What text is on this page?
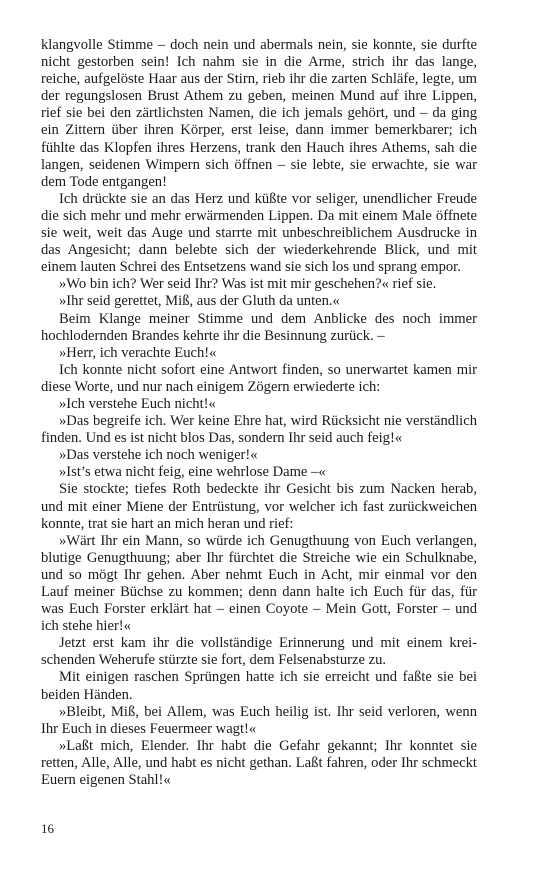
klangvolle Stimme – doch nein und abermals nein, sie konnte, sie durfte nicht gestorben sein! Ich nahm sie in die Arme, strich ihr das lange, reiche, aufgelöste Haar aus der Stirn, rieb ihr die zarten Schläfe, legte, um der regungslosen Brust Athem zu geben, meinen Mund auf ihre Lippen, rief sie bei den zärtlichsten Namen, die ich jemals gehört, und – da ging ein Zittern über ihren Körper, erst leise, dann immer bemerkbarer; ich fühlte das Klopfen ihres Herzens, trank den Hauch ihres Athems, sah die langen, seidenen Wimpern sich öffnen – sie lebte, sie erwachte, sie war dem Tode entgangen!

Ich drückte sie an das Herz und küßte vor seliger, unendlicher Freude die sich mehr und mehr erwärmenden Lippen. Da mit einem Male öffnete sie weit, weit das Auge und starrte mit unbeschreiblichem Ausdrucke in das Angesicht; dann belebte sich der wiederkehrende Blick, und mit einem lauten Schrei des Entsetzens wand sie sich los und sprang empor.

»Wo bin ich? Wer seid Ihr? Was ist mit mir geschehen?« rief sie.

»Ihr seid gerettet, Miß, aus der Gluth da unten.«

Beim Klange meiner Stimme und dem Anblicke des noch immer hochlodernden Brandes kehrte ihr die Besinnung zurück. –

»Herr, ich verachte Euch!«

Ich konnte nicht sofort eine Antwort finden, so unerwartet kamen mir diese Worte, und nur nach einigem Zögern erwiederte ich:

»Ich verstehe Euch nicht!«

»Das begreife ich. Wer keine Ehre hat, wird Rücksicht nie verständlich finden. Und es ist nicht blos Das, sondern Ihr seid auch feig!«

»Das verstehe ich noch weniger!«

»Ist’s etwa nicht feig, eine wehrlose Dame –«

Sie stockte; tiefes Roth bedeckte ihr Gesicht bis zum Nacken herab, und mit einer Miene der Entrüstung, vor welcher ich fast zurückweichen konnte, trat sie hart an mich heran und rief:

»Wärt Ihr ein Mann, so würde ich Genugthuung von Euch verlangen, blutige Genugthuung; aber Ihr fürchtet die Streiche wie ein Schulknabe, und so mögt Ihr gehen. Aber nehmt Euch in Acht, mir einmal vor den Lauf meiner Büchse zu kommen; denn dann halte ich Euch für das, für was Euch Forster erklärt hat – einen Coyote – Mein Gott, Forster – und ich stehe hier!«

Jetzt erst kam ihr die vollständige Erinnerung und mit einem kreischenden Weherufe stürzte sie fort, dem Felsenabsturze zu.

Mit einigen raschen Sprüngen hatte ich sie erreicht und faßte sie bei beiden Händen.

»Bleibt, Miß, bei Allem, was Euch heilig ist. Ihr seid verloren, wenn Ihr Euch in dieses Feuermeer wagt!«

»Laßt mich, Elender. Ihr habt die Gefahr gekannt; Ihr konntet sie retten, Alle, Alle, und habt es nicht gethan. Laßt fahren, oder Ihr schmeckt Euern eigenen Stahl!«

16
